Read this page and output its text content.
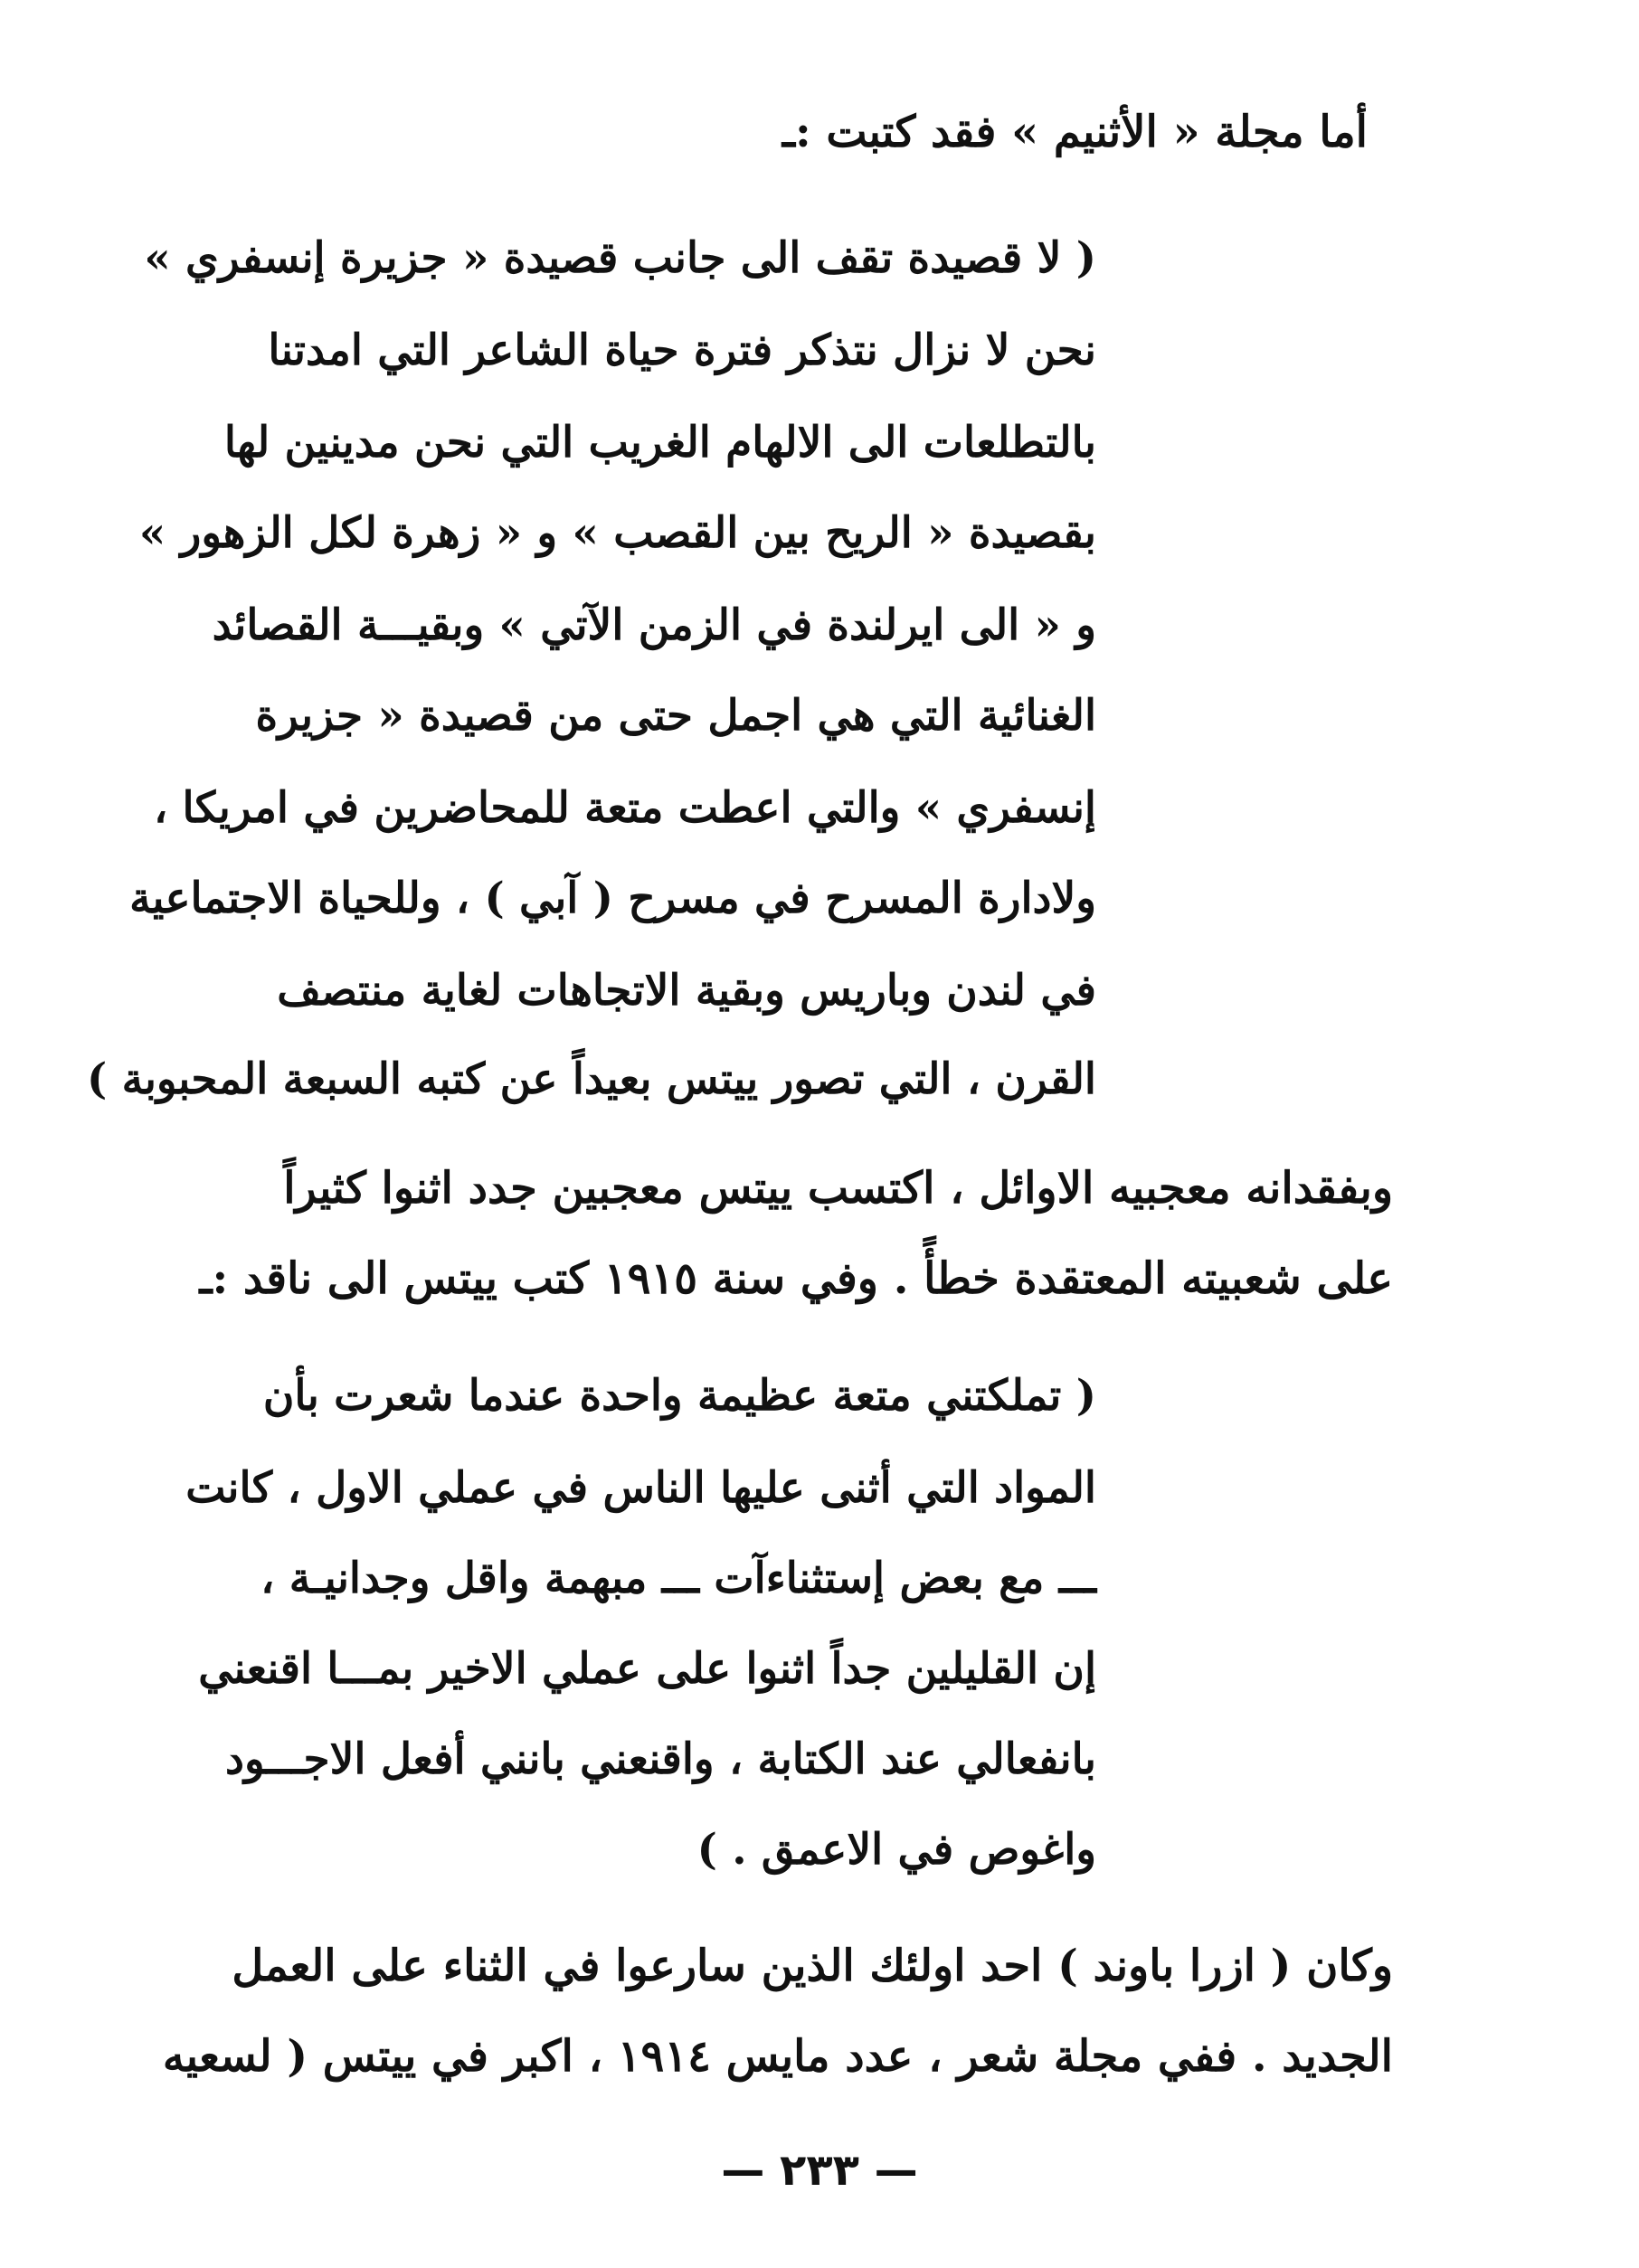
أما مجلة « الأثنيم » فقد كتبت :ـ
( لا قصيدة تقف الى جانب قصيدة « جزيرة إنسفري »
نحن لا نزال نتذكر فترة حياة الشاعر التي امدتنا
بالتطلعات الى الالهام الغريب التي نحن مدينين لها
بقصيدة « الريح بين القصب » و « زهرة لكل الزهور »
و « الى ايرلندة في الزمن الآتي » وبقيـــة القصائد
الغنائية التي هي اجمل حتى من قصيدة « جزيرة
إنسفري » والتي اعطت متعة للمحاضرين في امريكا ،
ولادارة المسرح في مسرح ( آبي ) ، وللحياة الاجتماعية
في لندن وباريس وبقية الاتجاهات لغاية منتصف
القرن ، التي تصور ييتس بعيداً عن كتبه السبعة المحبوبة )
وبفقدانه معجبيه الاوائل ، اكتسب ييتس معجبين جدد اثنوا كثيراً
على شعبيته المعتقدة خطأً . وفي سنة ١٩١٥ كتب ييتس الى ناقد :ـ
( تملكتني متعة عظيمة واحدة عندما شعرت بأن
المواد التي أثنى عليها الناس في عملي الاول ، كانت
ـــ مع بعض إستثناءآت ـــ مبهمة واقل وجدانيـة ،
إن القليلين جداً اثنوا على عملي الاخير بمـــا اقنعني
بانفعالي عند الكتابة ، واقنعني بانني أفعل الاجـــود
واغوص في الاعمق . )
وكان ( ازرا باوند ) احد اولئك الذين سارعوا في الثناء على العمل
الجديد . ففي مجلة شعر ، عدد مايس ١٩١٤ ، اكبر في ييتس ( لسعيه
— ٢٣٣ —
